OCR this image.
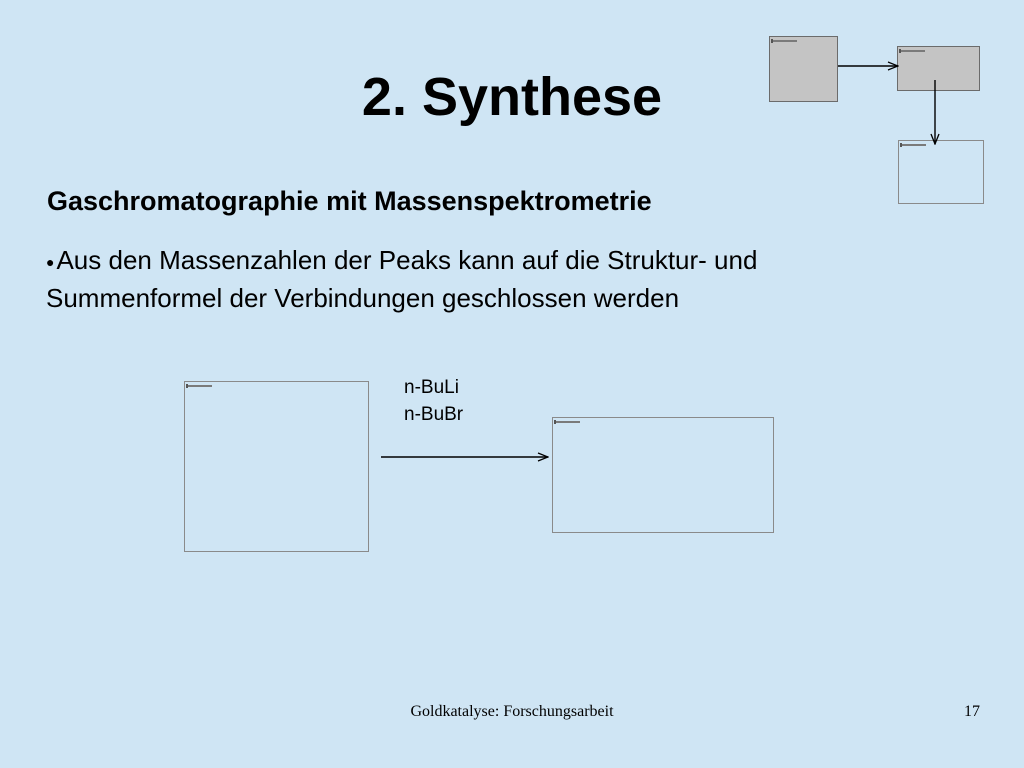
2. Synthese
Gaschromatographie mit Massenspektrometrie

●Aus den Massenzahlen der Peaks kann auf die Struktur- und Summenformel der Verbindungen geschlossen werden

n-BuLi

n-BuBr

Goldkatalyse: Forschungsarbeit	17
